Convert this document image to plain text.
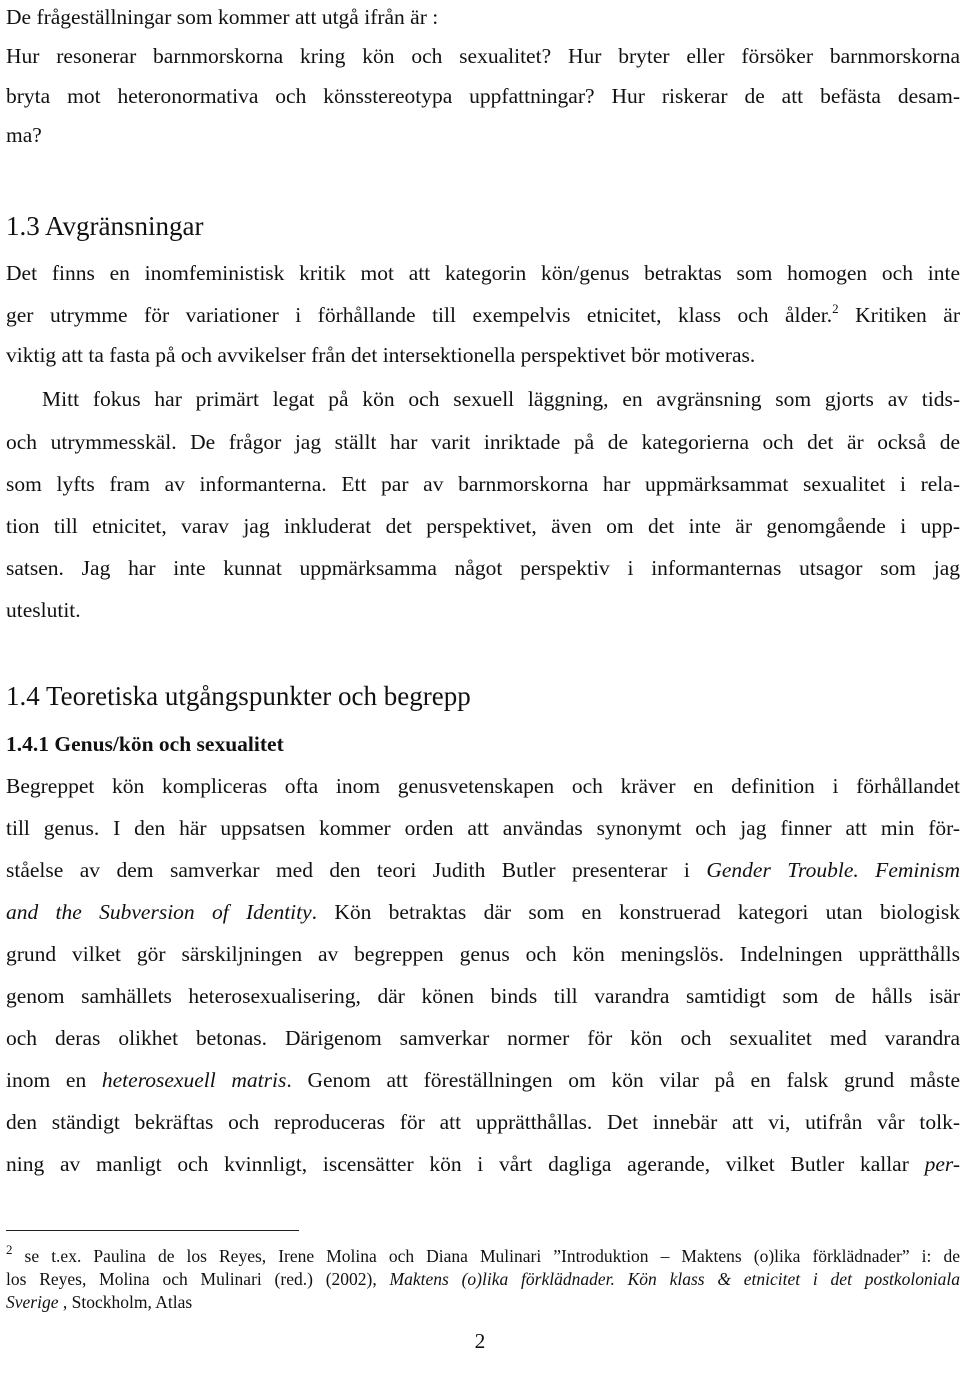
De frågeställningar som kommer att utgå ifrån är :
Hur resonerar barnmorskorna kring kön och sexualitet? Hur bryter eller försöker barnmorskorna
bryta mot heteronormativa och könsstereotypa uppfattningar? Hur riskerar de att befästa desam-
ma?
1.3 Avgränsningar
Det finns en inomfeministisk kritik mot att kategorin kön/genus betraktas som homogen och inte
ger utrymme för variationer i förhållande till exempelvis etnicitet, klass och ålder.$^2$ Kritiken är
viktig att ta fasta på och avvikelser från det intersektionella perspektivet bör motiveras.
Mitt fokus har primärt legat på kön och sexuell läggning, en avgränsning som gjorts av tids-
och utrymmesskäl. De frågor jag ställt har varit inriktade på de kategorierna och det är också de
som lyfts fram av informanterna. Ett par av barnmorskorna har uppmärksammat sexualitet i rela-
tion till etnicitet, varav jag inkluderat det perspektivet, även om det inte är genomgående i upp-
satsen. Jag har inte kunnat uppmärksamma något perspektiv i informanternas utsagor som jag
uteslutit.
1.4 Teoretiska utgångspunkter och begrepp
1.4.1 Genus/kön och sexualitet
Begreppet kön kompliceras ofta inom genusvetenskapen och kräver en definition i förhållandet
till genus. I den här uppsatsen kommer orden att användas synonymt och jag finner att min för-
ståelse av dem samverkar med den teori Judith Butler presenterar i Gender Trouble. Feminism
and the Subversion of Identity. Kön betraktas där som en konstruerad kategori utan biologisk
grund vilket gör särskiljningen av begreppen genus och kön meningslös. Indelningen upprätthålls
genom samhällets heterosexualisering, där könen binds till varandra samtidigt som de hålls isär
och deras olikhet betonas. Därigenom samverkar normer för kön och sexualitet med varandra
inom en heterosexuell matris. Genom att föreställningen om kön vilar på en falsk grund måste
den ständigt bekräftas och reproduceras för att upprätthållas. Det innebär att vi, utifrån vår tolk-
ning av manligt och kvinnligt, iscensätter kön i vårt dagliga agerande, vilket Butler kallar per-
$^2$ se t.ex. Paulina de los Reyes, Irene Molina och Diana Mulinari ”Introduktion – Maktens (o)lika förklädnader” i: de
los Reyes, Molina och Mulinari (red.) (2002), Maktens (o)lika förklädnader. Kön klass & etnicitet i det postkoloniala
Sverige , Stockholm, Atlas
2
